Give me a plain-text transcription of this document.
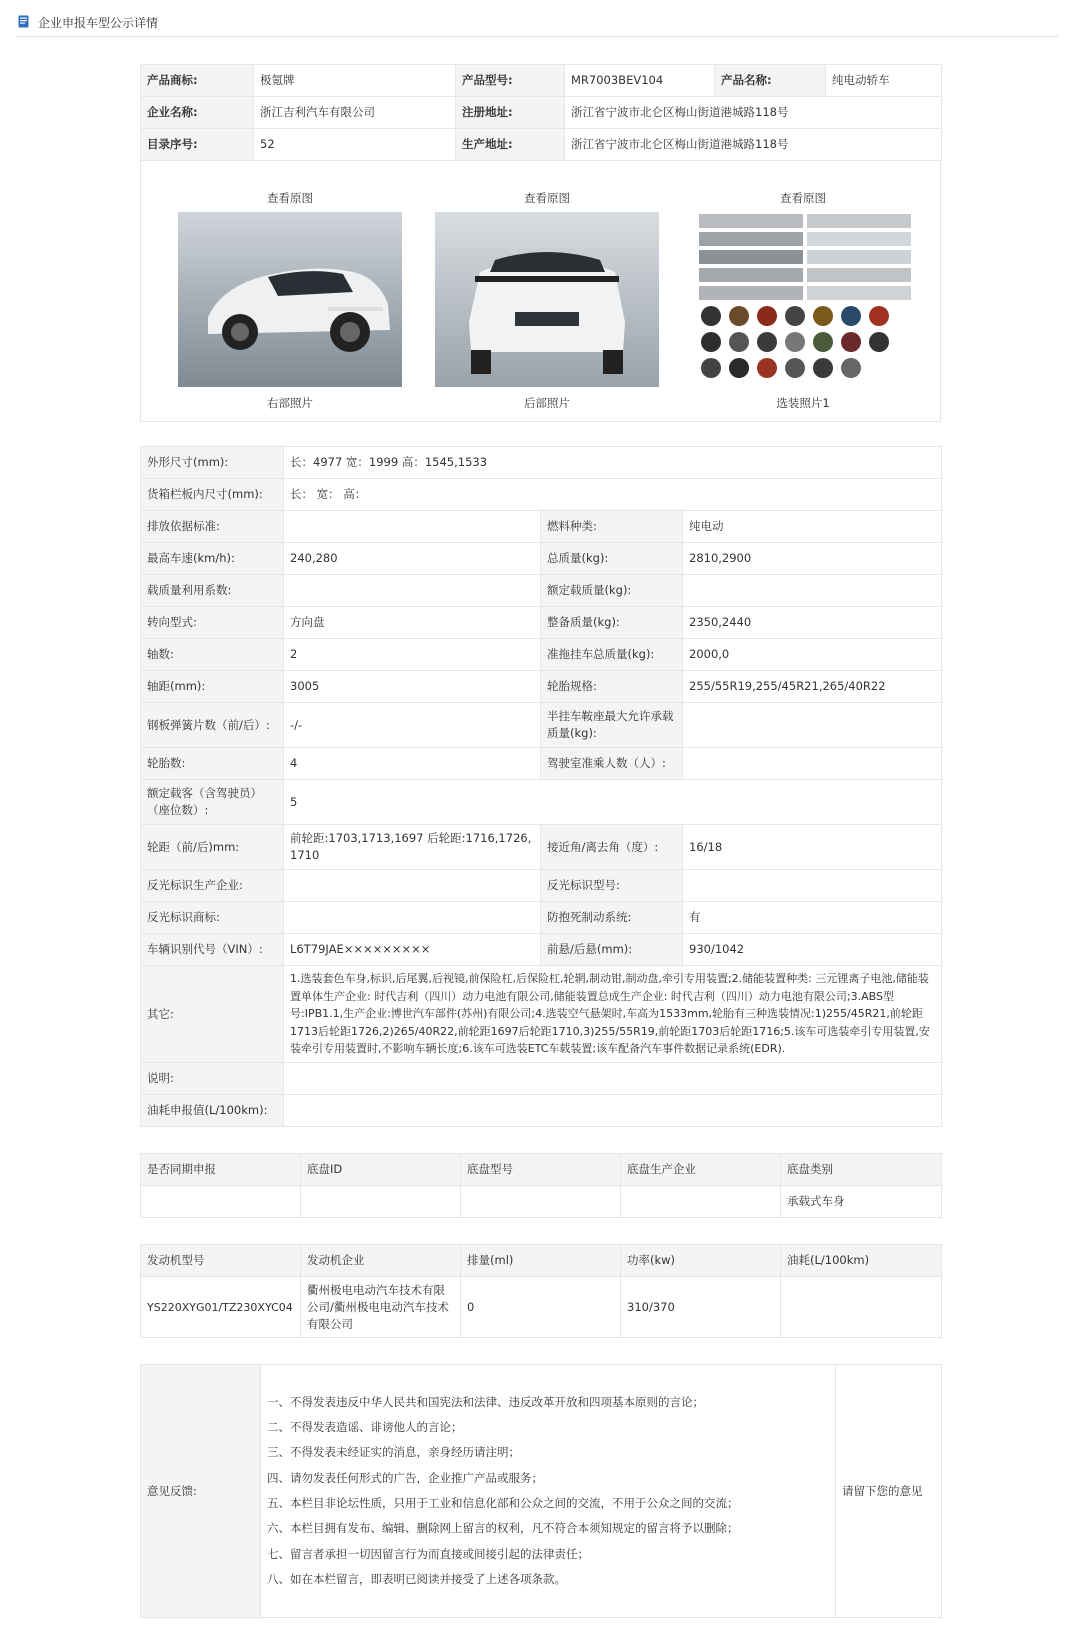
企业申报车型公示详情
产品商标:	极氪牌	产品型号:	MR7003BEV104	产品名称:	纯电动轿车
企业名称:	浙江吉利汽车有限公司	注册地址:	浙江省宁波市北仑区梅山街道港城路118号		
目录序号:	52	生产地址:	浙江省宁波市北仑区梅山街道港城路118号		
查看原图
右部照片
查看原图
后部照片
查看原图
选装照片1
外形尺寸(mm):	长：4977 宽：1999 高：1545,1533		
货箱栏板内尺寸(mm):	长： 宽： 高：		
排放依据标准:		燃料种类:	纯电动
最高车速(km/h):	240,280	总质量(kg):	2810,2900
载质量利用系数:		额定载质量(kg):	
转向型式:	方向盘	整备质量(kg):	2350,2440
轴数:	2	准拖挂车总质量(kg):	2000,0
轴距(mm):	3005	轮胎规格:	255/55R19,255/45R21,265/40R22
钢板弹簧片数（前/后）:	-/-	半挂车鞍座最大允许承载质量(kg):	
轮胎数:	4	驾驶室准乘人数（人）:	
额定载客（含驾驶员）（座位数）:	5		
轮距（前/后)mm:	前轮距:1703,1713,1697 后轮距:1716,1726,1710	接近角/离去角（度）:	16/18
反光标识生产企业:		反光标识型号:	
反光标识商标:		防抱死制动系统:	有
车辆识别代号（VIN）:	L6T79JAE×××××××××	前悬/后悬(mm):	930/1042
其它:	1.选装套色车身,标识,后尾翼,后视镜,前保险杠,后保险杠,轮辋,制动钳,制动盘,牵引专用装置;2.储能装置种类: 三元锂离子电池,储能装置单体生产企业: 时代吉利（四川）动力电池有限公司,储能装置总成生产企业: 时代吉利（四川）动力电池有限公司;3.ABS型号:IPB1.1,生产企业:博世汽车部件(苏州)有限公司;4.选装空气悬架时,车高为1533mm,轮胎有三种选装情况:1)255/45R21,前轮距1713后轮距1726,2)265/40R22,前轮距1697后轮距1710,3)255/55R19,前轮距1703后轮距1716;5.该车可选装牵引专用装置,安装牵引专用装置时,不影响车辆长度;6.该车可选装ETC车载装置;该车配备汽车事件数据记录系统(EDR).		
说明:			
油耗申报值(L/100km):			
是否同期申报	底盘ID	底盘型号	底盘生产企业	底盘类别
				承载式车身
发动机型号	发动机企业	排量(ml)	功率(kw)	油耗(L/100km)
YS220XYG01/TZ230XYC04	衢州极电电动汽车技术有限公司/衢州极电电动汽车技术有限公司	0	310/370	
意见反馈:	
一、不得发表违反中华人民共和国宪法和法律、违反改革开放和四项基本原则的言论；
二、不得发表造谣、诽谤他人的言论；
三、不得发表未经证实的消息，亲身经历请注明；
四、请勿发表任何形式的广告，企业推广产品或服务；
五、本栏目非论坛性质，只用于工业和信息化部和公众之间的交流，不用于公众之间的交流；
六、本栏目拥有发布、编辑、删除网上留言的权利，凡不符合本须知规定的留言将予以删除；
七、留言者承担一切因留言行为而直接或间接引起的法律责任；
八、如在本栏留言，即表明已阅读并接受了上述各项条款。
	请留下您的意见
